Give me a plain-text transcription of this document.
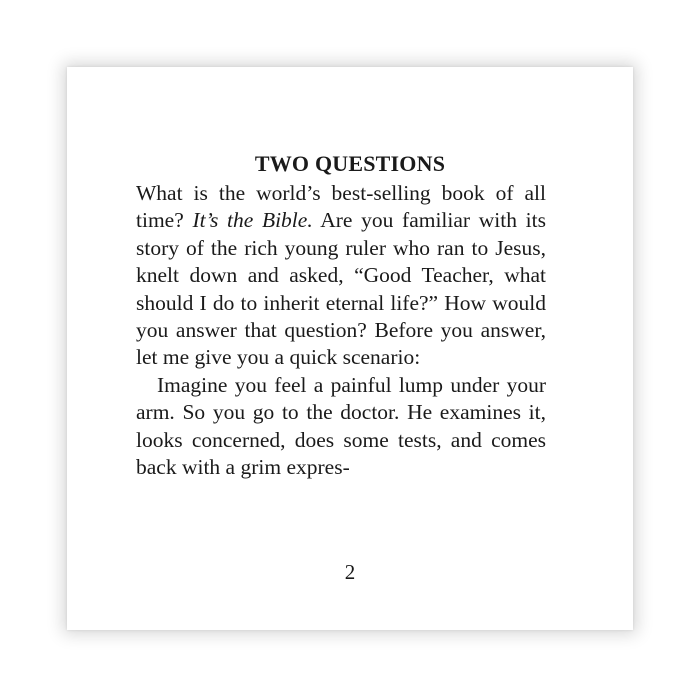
TWO QUESTIONS

What is the world’s best-selling book of all time? It’s the Bible. Are you familiar with its story of the rich young ruler who ran to Jesus, knelt down and asked, “Good Teacher, what should I do to inherit eternal life?” How would you answer that question? Before you answer, let me give you a quick scenario:

Imagine you feel a painful lump under your arm. So you go to the doctor. He examines it, looks concerned, does some tests, and comes back with a grim expres-

2
